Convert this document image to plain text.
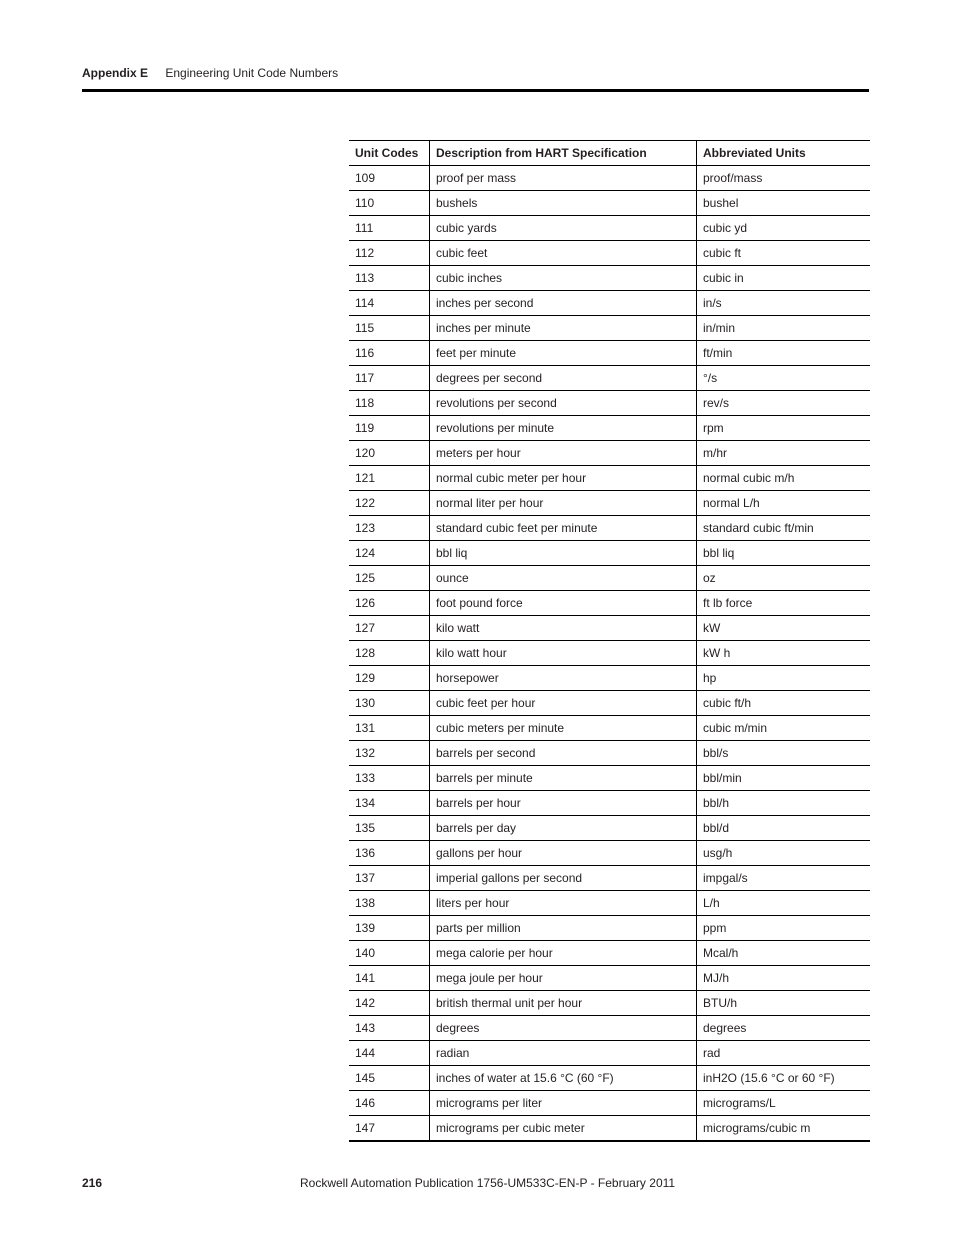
Appendix E Engineering Unit Code Numbers
Unit Codes	Description from HART Specification	Abbreviated Units
109	proof per mass	proof/mass
110	bushels	bushel
111	cubic yards	cubic yd
112	cubic feet	cubic ft
113	cubic inches	cubic in
114	inches per second	in/s
115	inches per minute	in/min
116	feet per minute	ft/min
117	degrees per second	°/s
118	revolutions per second	rev/s
119	revolutions per minute	rpm
120	meters per hour	m/hr
121	normal cubic meter per hour	normal cubic m/h
122	normal liter per hour	normal L/h
123	standard cubic feet per minute	standard cubic ft/min
124	bbl liq	bbl liq
125	ounce	oz
126	foot pound force	ft lb force
127	kilo watt	kW
128	kilo watt hour	kW h
129	horsepower	hp
130	cubic feet per hour	cubic ft/h
131	cubic meters per minute	cubic m/min
132	barrels per second	bbl/s
133	barrels per minute	bbl/min
134	barrels per hour	bbl/h
135	barrels per day	bbl/d
136	gallons per hour	usg/h
137	imperial gallons per second	impgal/s
138	liters per hour	L/h
139	parts per million	ppm
140	mega calorie per hour	Mcal/h
141	mega joule per hour	MJ/h
142	british thermal unit per hour	BTU/h
143	degrees	degrees
144	radian	rad
145	inches of water at 15.6 °C (60 °F)	inH2O (15.6 °C or 60 °F)
146	micrograms per liter	micrograms/L
147	micrograms per cubic meter	micrograms/cubic m
216	Rockwell Automation Publication 1756-UM533C-EN-P - February 2011
